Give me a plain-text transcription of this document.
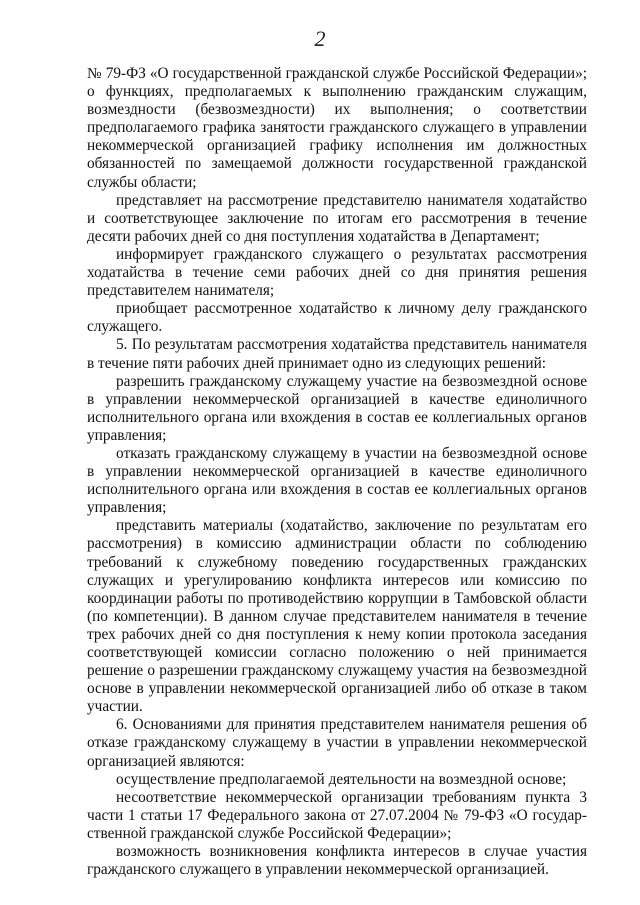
2

№ 79-ФЗ «О государственной гражданской службе Российской Федерации»; о функциях, предполагаемых к выполнению гражданским служащим, возмездности (безвозмездности) их выполнения; о соответствии предполагаемого графика занятости гражданского служащего в управлении некоммерческой организацией графику исполнения им должностных обязанностей по замещаемой должности государственной гражданской службы области;

представляет на рассмотрение представителю нанимателя ходатайство и соответствующее заключение по итогам его рассмотрения в течение десяти рабочих дней со дня поступления ходатайства в Департамент;

информирует гражданского служащего о результатах рассмотрения ходатайства в течение семи рабочих дней со дня принятия решения представителем нанимателя;

приобщает рассмотренное ходатайство к личному делу гражданского служащего.

5. По результатам рассмотрения ходатайства представитель нанимателя в течение пяти рабочих дней принимает одно из следующих решений:

разрешить гражданскому служащему участие на безвозмездной основе в управлении некоммерческой организацией в качестве единоличного исполнительного органа или вхождения в состав ее коллегиальных органов управления;

отказать гражданскому служащему в участии на безвозмездной основе в управлении некоммерческой организацией в качестве единоличного исполнительного органа или вхождения в состав ее коллегиальных органов управления;

представить материалы (ходатайство, заключение по результатам его рассмотрения) в комиссию администрации области по соблюдению требований к служебному поведению государственных гражданских служащих и урегулированию конфликта интересов или комиссию по координации работы по противодействию коррупции в Тамбовской области (по компетенции). В данном случае представителем нанимателя в течение трех рабочих дней со дня поступления к нему копии протокола заседания соответствующей комиссии согласно положению о ней принимается решение о разрешении гражданскому служащему участия на безвозмездной основе в управлении некоммерческой организацией либо об отказе в таком участии.

6. Основаниями для принятия представителем нанимателя решения об отказе гражданскому служащему в участии в управлении некоммерческой организацией являются:

осуществление предполагаемой деятельности на возмездной основе;

несоответствие некоммерческой организации требованиям пункта 3 части 1 статьи 17 Федерального закона от 27.07.2004 № 79-ФЗ «О государственной гражданской службе Российской Федерации»;

возможность возникновения конфликта интересов в случае участия гражданского служащего в управлении некоммерческой организацией.
